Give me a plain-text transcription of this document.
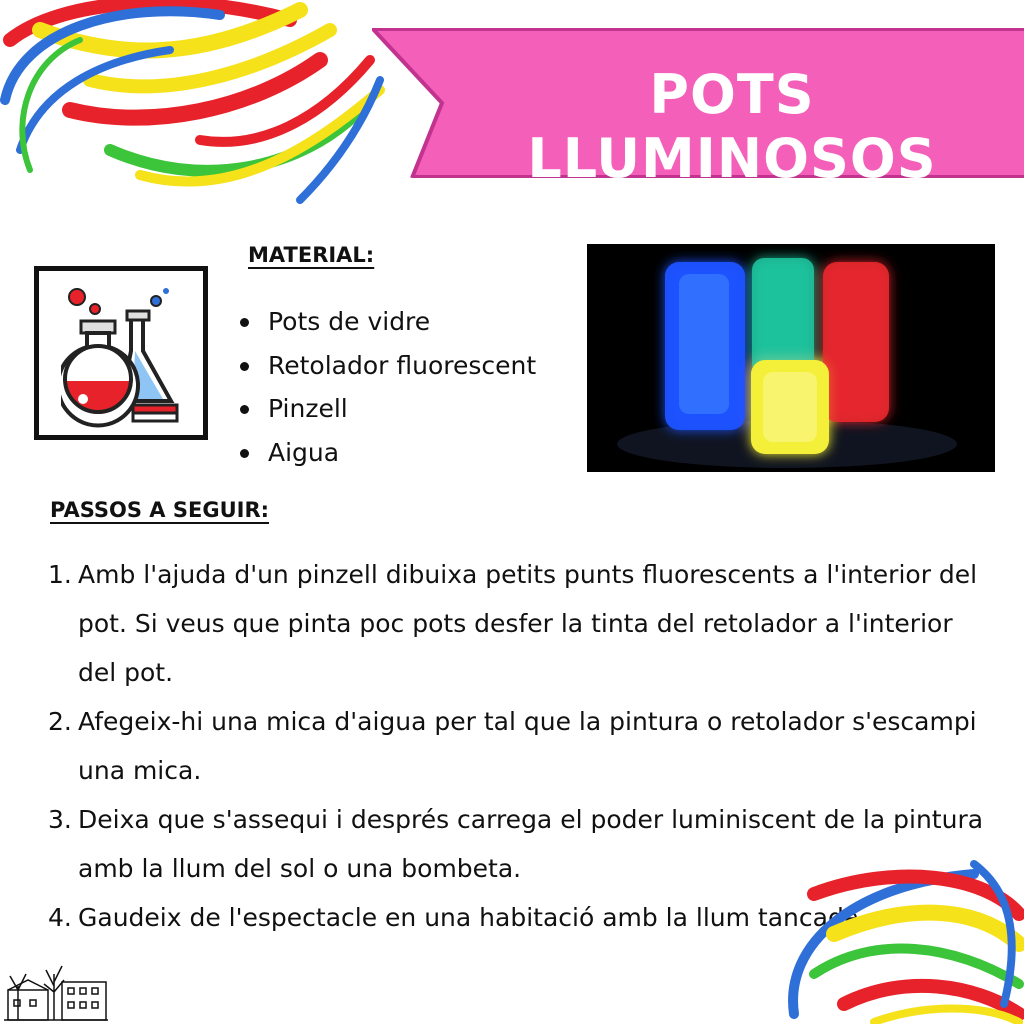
POTS LLUMINOSOS
MATERIAL:
Pots de vidre
Retolador fluorescent
Pinzell
Aigua
PASSOS A SEGUIR:
1. Amb l'ajuda d'un pinzell dibuixa petits punts fluorescents a l'interior del pot. Si veus que pinta poc pots desfer la tinta del retolador a l'interior del pot.
2. Afegeix-hi una mica d'aigua per tal que la pintura o retolador s'escampi una mica.
3. Deixa que s'assequi i després carrega el poder luminiscent de la pintura amb la llum del sol o una bombeta.
4. Gaudeix de l'espectacle en una habitació amb la llum tancada.
